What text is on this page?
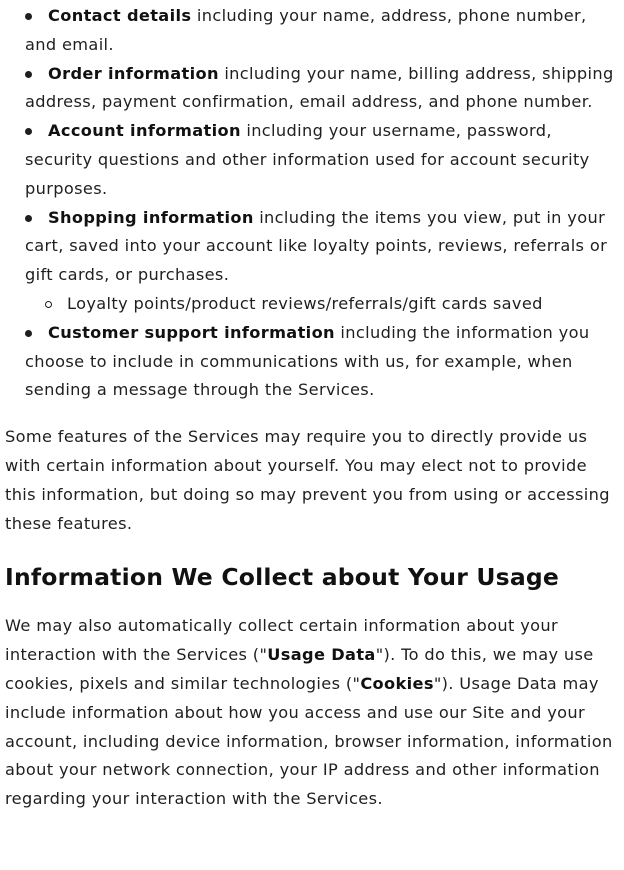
Contact details including your name, address, phone number, and email.
Order information including your name, billing address, shipping address, payment confirmation, email address, and phone number.
Account information including your username, password, security questions and other information used for account security purposes.
Shopping information including the items you view, put in your cart, saved into your account like loyalty points, reviews, referrals or gift cards, or purchases.
Loyalty points/product reviews/referrals/gift cards saved
Customer support information including the information you choose to include in communications with us, for example, when sending a message through the Services.

Some features of the Services may require you to directly provide us with certain information about yourself. You may elect not to provide this information, but doing so may prevent you from using or accessing these features.

Information We Collect about Your Usage

We may also automatically collect certain information about your interaction with the Services ("Usage Data"). To do this, we may use cookies, pixels and similar technologies ("Cookies"). Usage Data may include information about how you access and use our Site and your account, including device information, browser information, information about your network connection, your IP address and other information regarding your interaction with the Services.
